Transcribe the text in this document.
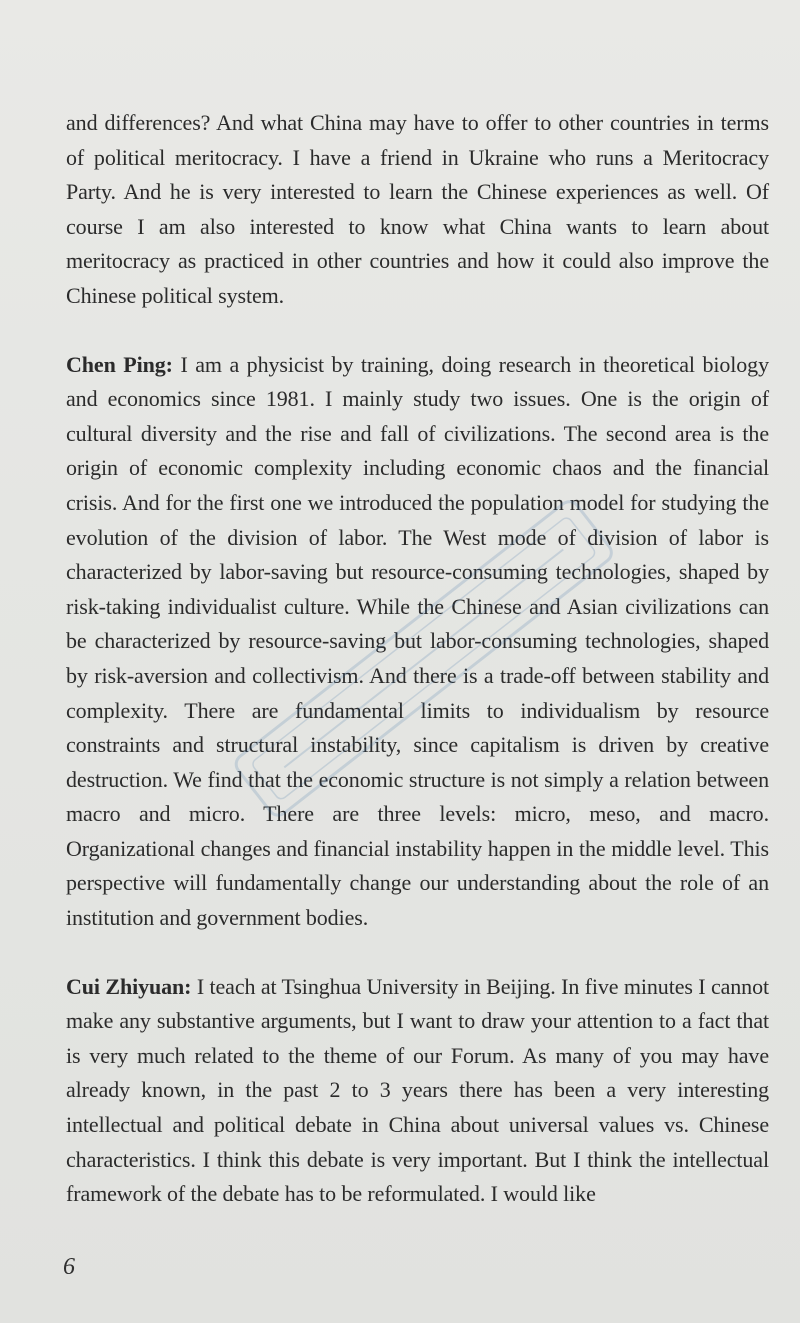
and differences? And what China may have to offer to other countries in terms of political meritocracy. I have a friend in Ukraine who runs a Meritocracy Party. And he is very interested to learn the Chinese experiences as well. Of course I am also interested to know what China wants to learn about meritocracy as practiced in other countries and how it could also improve the Chinese political system.

Chen Ping: I am a physicist by training, doing research in theoretical biology and economics since 1981. I mainly study two issues. One is the origin of cultural diversity and the rise and fall of civilizations. The second area is the origin of economic complexity including economic chaos and the financial crisis. And for the first one we introduced the population model for studying the evolution of the division of labor. The West mode of division of labor is characterized by labor-saving but resource-consuming technologies, shaped by risk-taking individualist culture. While the Chinese and Asian civilizations can be characterized by resource-saving but labor-consuming technologies, shaped by risk-aversion and collectivism. And there is a trade-off between stability and complexity. There are fundamental limits to individualism by resource constraints and structural instability, since capitalism is driven by creative destruction. We find that the economic structure is not simply a relation between macro and micro. There are three levels: micro, meso, and macro. Organizational changes and financial instability happen in the middle level. This perspective will fundamentally change our understanding about the role of an institution and government bodies.

Cui Zhiyuan: I teach at Tsinghua University in Beijing. In five minutes I cannot make any substantive arguments, but I want to draw your attention to a fact that is very much related to the theme of our Forum. As many of you may have already known, in the past 2 to 3 years there has been a very interesting intellectual and political debate in China about universal values vs. Chinese characteristics. I think this debate is very important. But I think the intellectual framework of the debate has to be reformulated. I would like

6
